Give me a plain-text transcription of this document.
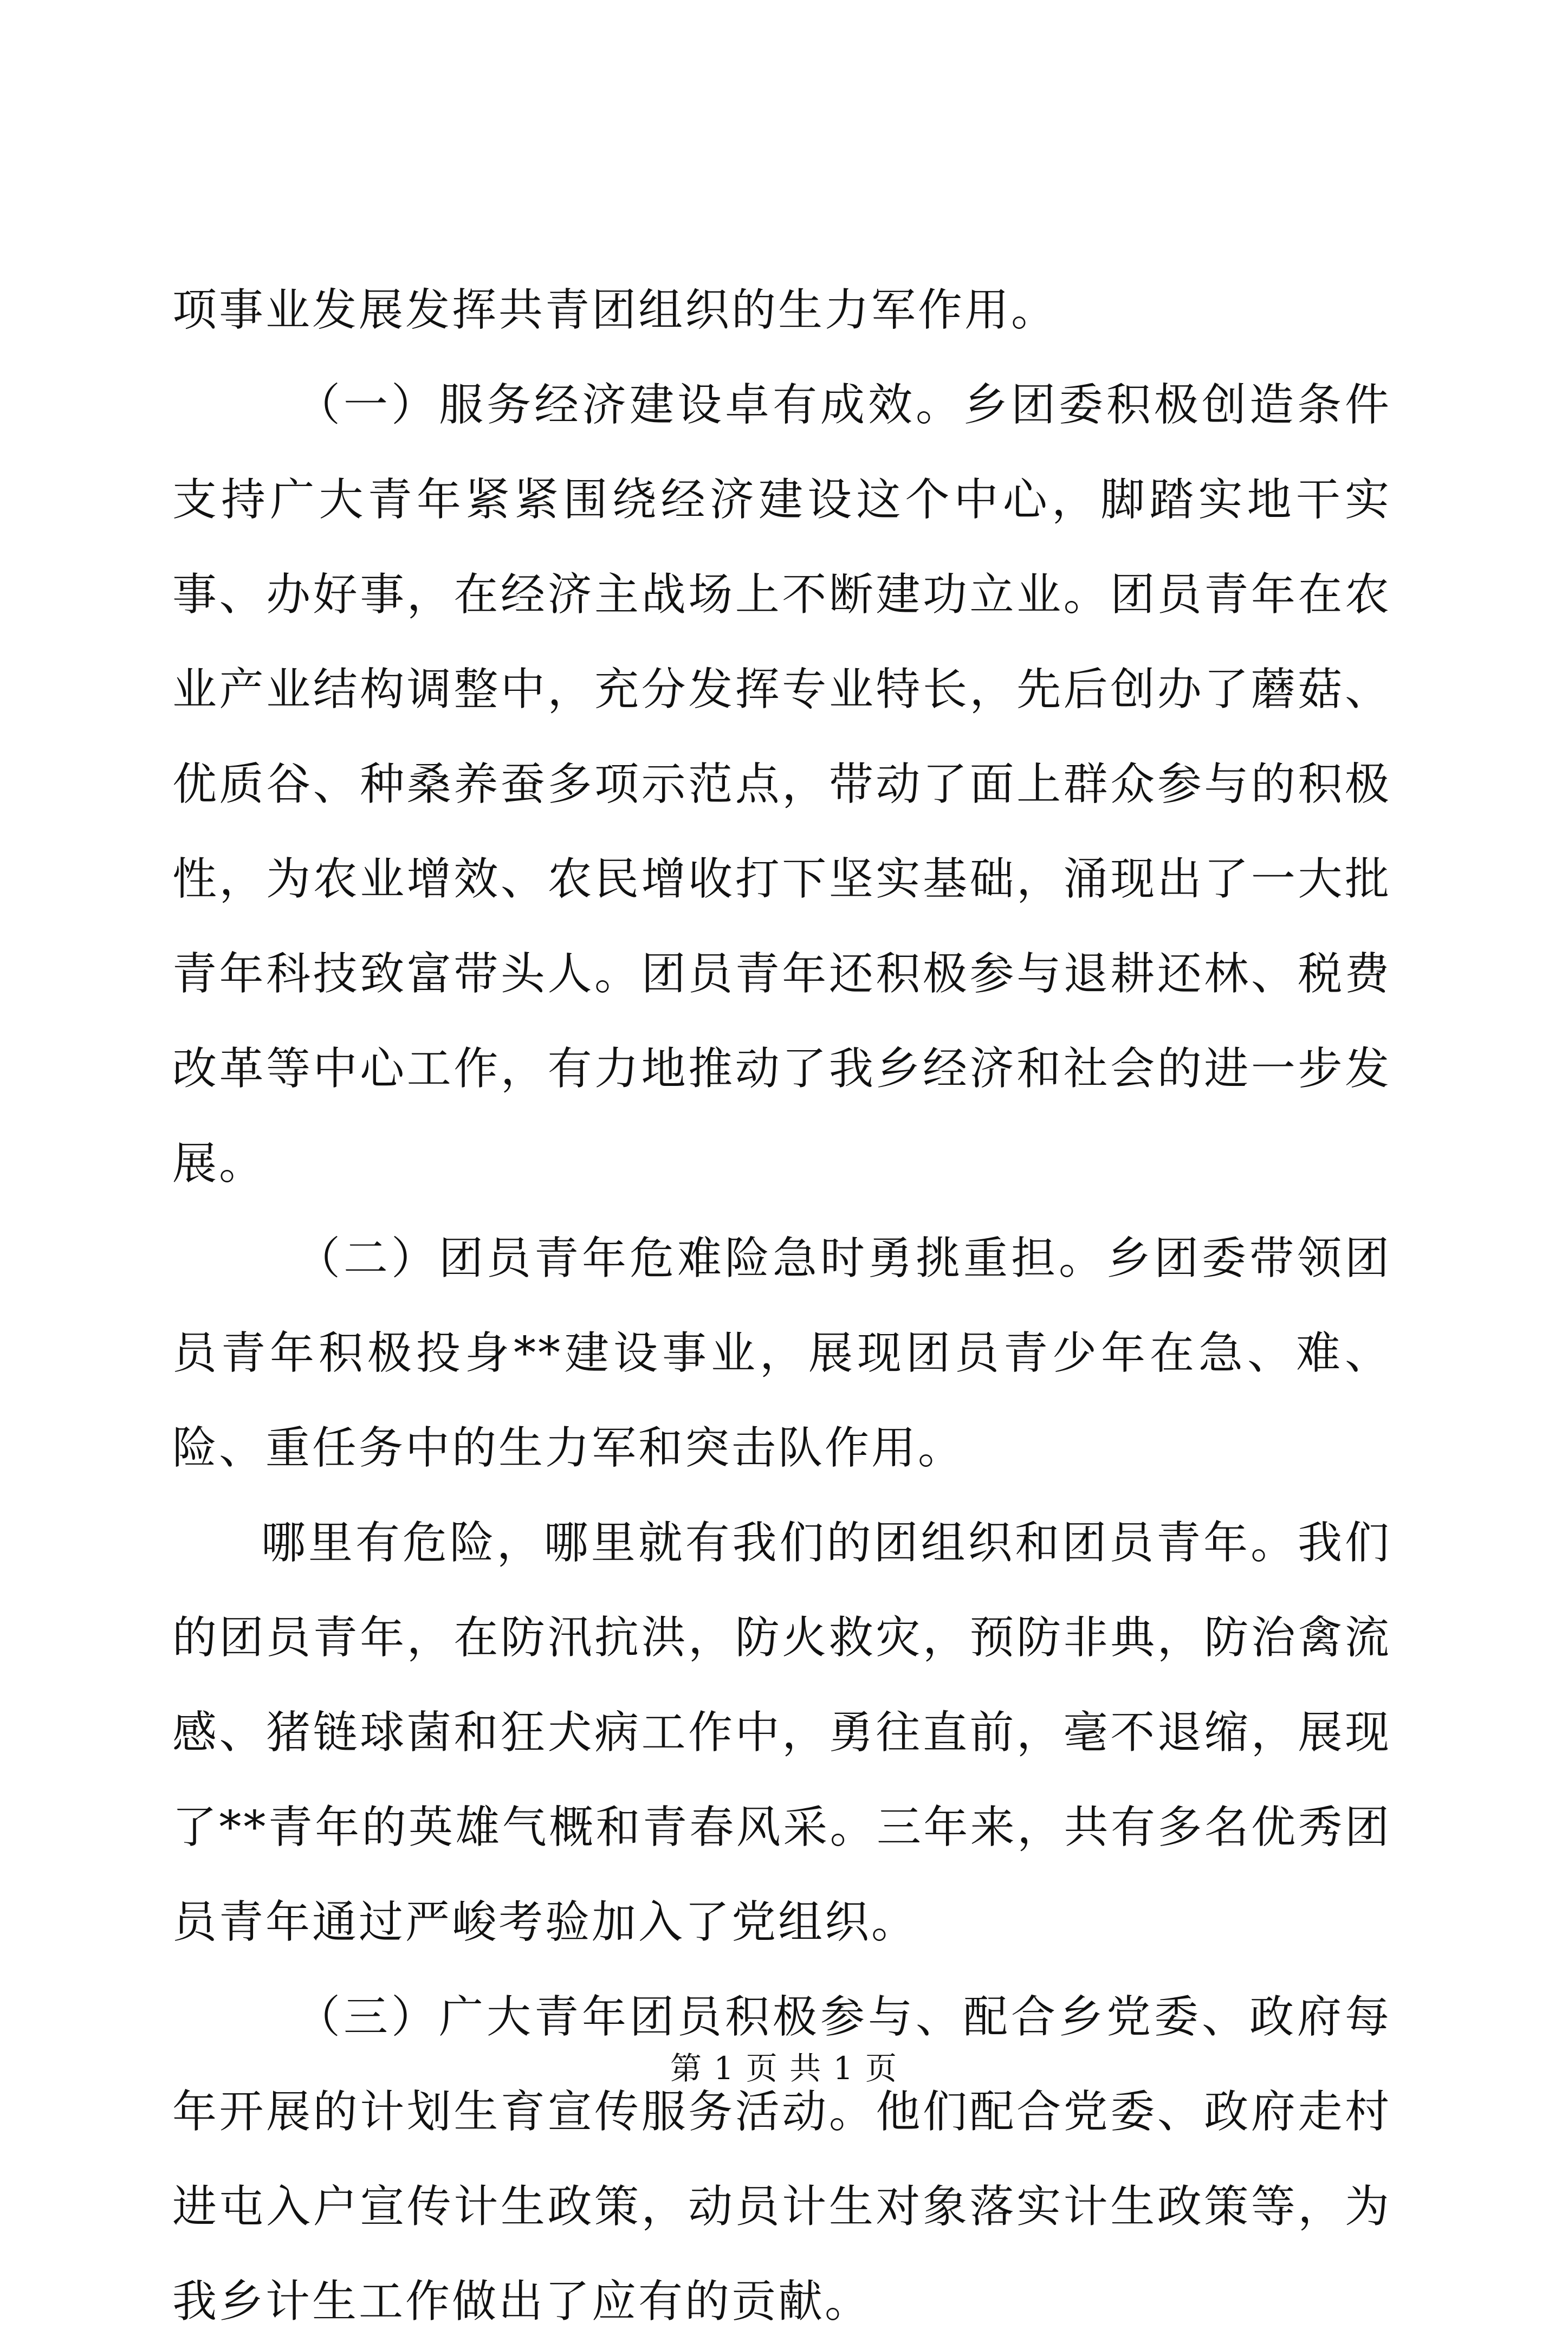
项事业发展发挥共青团组织的生力军作用。

（一）服务经济建设卓有成效。乡团委积极创造条件支持广大青年紧紧围绕经济建设这个中心，脚踏实地干实事、办好事，在经济主战场上不断建功立业。团员青年在农业产业结构调整中，充分发挥专业特长，先后创办了蘑菇、优质谷、种桑养蚕多项示范点，带动了面上群众参与的积极性，为农业增效、农民增收打下坚实基础，涌现出了一大批青年科技致富带头人。团员青年还积极参与退耕还林、税费改革等中心工作，有力地推动了我乡经济和社会的进一步发展。

（二）团员青年危难险急时勇挑重担。乡团委带领团员青年积极投身**建设事业，展现团员青少年在急、难、险、重任务中的生力军和突击队作用。

哪里有危险，哪里就有我们的团组织和团员青年。我们的团员青年，在防汛抗洪，防火救灾，预防非典，防治禽流感、猪链球菌和狂犬病工作中，勇往直前，毫不退缩，展现了**青年的英雄气概和青春风采。三年来，共有多名优秀团员青年通过严峻考验加入了党组织。

（三）广大青年团员积极参与、配合乡党委、政府每年开展的计划生育宣传服务活动。他们配合党委、政府走村进屯入户宣传计生政策，动员计生对象落实计生政策等，为我乡计生工作做出了应有的贡献。

第 1 页 共 1 页
